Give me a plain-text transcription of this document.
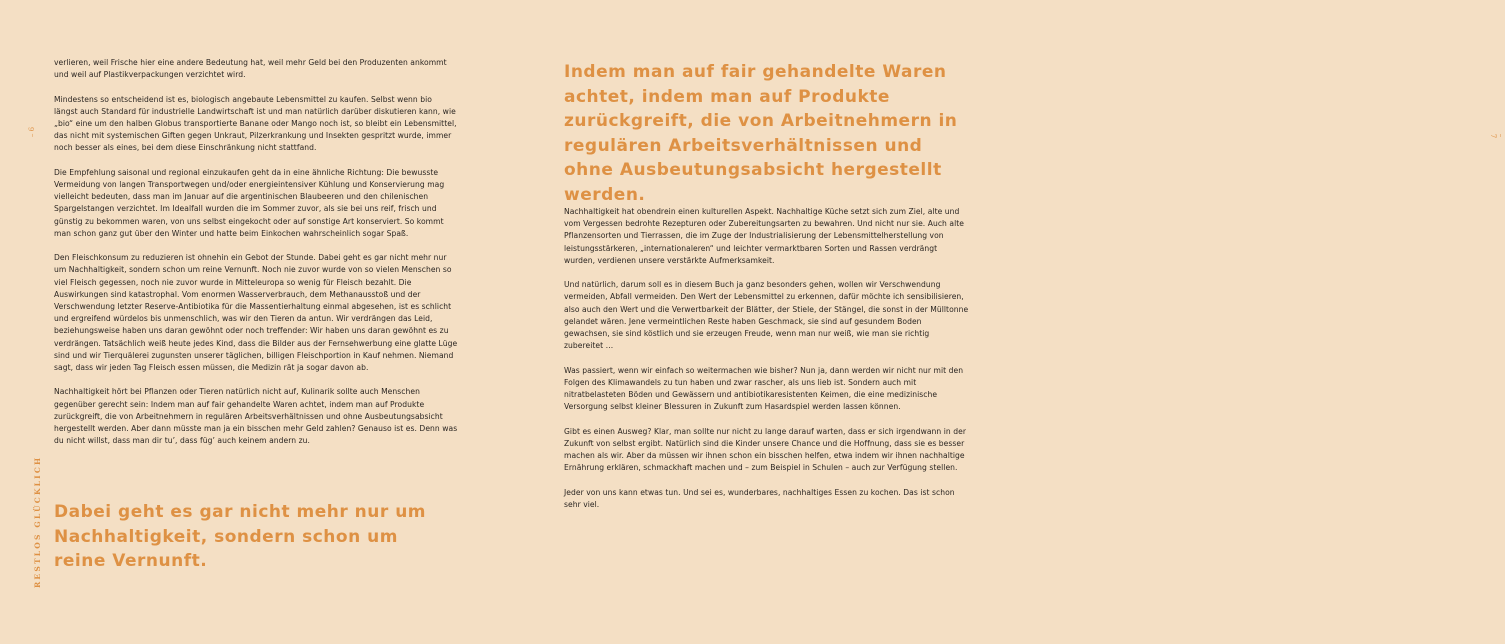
– 6
RESTLOS GLÜCKLICH

verlieren, weil Frische hier eine andere Bedeutung hat, weil mehr Geld bei den Produzenten ankommt und weil auf Plastikverpackungen verzichtet wird.

Mindestens so entscheidend ist es, biologisch angebaute Lebensmittel zu kaufen. Selbst wenn bio längst auch Standard für industrielle Landwirtschaft ist und man natürlich darüber diskutieren kann, wie „bio“ eine um den halben Globus transportierte Banane oder Mango noch ist, so bleibt ein Lebensmittel, das nicht mit systemischen Giften gegen Unkraut, Pilzerkrankung und Insekten gespritzt wurde, immer noch besser als eines, bei dem diese Einschränkung nicht stattfand.

Die Empfehlung saisonal und regional einzukaufen geht da in eine ähnliche Richtung: Die bewusste Vermeidung von langen Transportwegen und/oder energieintensiver Kühlung und Konservierung mag vielleicht bedeuten, dass man im Januar auf die argentinischen Blaubeeren und den chilenischen Spargelstangen verzichtet. Im Idealfall wurden die im Sommer zuvor, als sie bei uns reif, frisch und günstig zu bekommen waren, von uns selbst eingekocht oder auf sonstige Art konserviert. So kommt man schon ganz gut über den Winter und hatte beim Einkochen wahrscheinlich sogar Spaß.

Den Fleischkonsum zu reduzieren ist ohnehin ein Gebot der Stunde. Dabei geht es gar nicht mehr nur um Nachhaltigkeit, sondern schon um reine Vernunft. Noch nie zuvor wurde von so vielen Menschen so viel Fleisch gegessen, noch nie zuvor wurde in Mitteleuropa so wenig für Fleisch bezahlt. Die Auswirkungen sind katastrophal. Vom enormen Wasserverbrauch, dem Methanausstoß und der Verschwendung letzter Reserve-Antibiotika für die Massentierhaltung einmal abgesehen, ist es schlicht und ergreifend würdelos bis unmenschlich, was wir den Tieren da antun. Wir verdrängen das Leid, beziehungsweise haben uns daran gewöhnt oder noch treffender: Wir haben uns daran gewöhnt es zu verdrängen. Tatsächlich weiß heute jedes Kind, dass die Bilder aus der Fernsehwerbung eine glatte Lüge sind und wir Tierquälerei zugunsten unserer täglichen, billigen Fleischportion in Kauf nehmen. Niemand sagt, dass wir jeden Tag Fleisch essen müssen, die Medizin rät ja sogar davon ab.

Nachhaltigkeit hört bei Pflanzen oder Tieren natürlich nicht auf, Kulinarik sollte auch Menschen gegenüber gerecht sein: Indem man auf fair gehandelte Waren achtet, indem man auf Produkte zurückgreift, die von Arbeitnehmern in regulären Arbeitsverhältnissen und ohne Ausbeutungsabsicht hergestellt werden. Aber dann müsste man ja ein bisschen mehr Geld zahlen? Genauso ist es. Denn was du nicht willst, dass man dir tu’, dass füg’ auch keinem andern zu.

Dabei geht es gar nicht mehr nur um Nachhaltigkeit, sondern schon um reine Vernunft.
– 7
Indem man auf fair gehandelte Waren achtet, indem man auf Produkte zurückgreift, die von Arbeitnehmern in regulären Arbeitsverhältnissen und ohne Ausbeutungsabsicht hergestellt werden.

Nachhaltigkeit hat obendrein einen kulturellen Aspekt. Nachhaltige Küche setzt sich zum Ziel, alte und vom Vergessen bedrohte Rezepturen oder Zubereitungsarten zu bewahren. Und nicht nur sie. Auch alte Pflanzensorten und Tierrassen, die im Zuge der Industrialisierung der Lebensmittelherstellung von leistungsstärkeren, „internationaleren“ und leichter vermarktbaren Sorten und Rassen verdrängt wurden, verdienen unsere verstärkte Aufmerksamkeit.

Und natürlich, darum soll es in diesem Buch ja ganz besonders gehen, wollen wir Verschwendung vermeiden, Abfall vermeiden. Den Wert der Lebensmittel zu erkennen, dafür möchte ich sensibilisieren, also auch den Wert und die Verwertbarkeit der Blätter, der Stiele, der Stängel, die sonst in der Mülltonne gelandet wären. Jene vermeintlichen Reste haben Geschmack, sie sind auf gesundem Boden gewachsen, sie sind köstlich und sie erzeugen Freude, wenn man nur weiß, wie man sie richtig zubereitet …

Was passiert, wenn wir einfach so weitermachen wie bisher? Nun ja, dann werden wir nicht nur mit den Folgen des Klimawandels zu tun haben und zwar rascher, als uns lieb ist. Sondern auch mit nitratbelasteten Böden und Gewässern und antibiotikaresistenten Keimen, die eine medizinische Versorgung selbst kleiner Blessuren in Zukunft zum Hasardspiel werden lassen können.

Gibt es einen Ausweg? Klar, man sollte nur nicht zu lange darauf warten, dass er sich irgendwann in der Zukunft von selbst ergibt. Natürlich sind die Kinder unsere Chance und die Hoffnung, dass sie es besser machen als wir. Aber da müssen wir ihnen schon ein bisschen helfen, etwa indem wir ihnen nachhaltige Ernährung erklären, schmackhaft machen und – zum Beispiel in Schulen – auch zur Verfügung stellen.

Jeder von uns kann etwas tun. Und sei es, wunderbares, nachhaltiges Essen zu kochen. Das ist schon sehr viel.
